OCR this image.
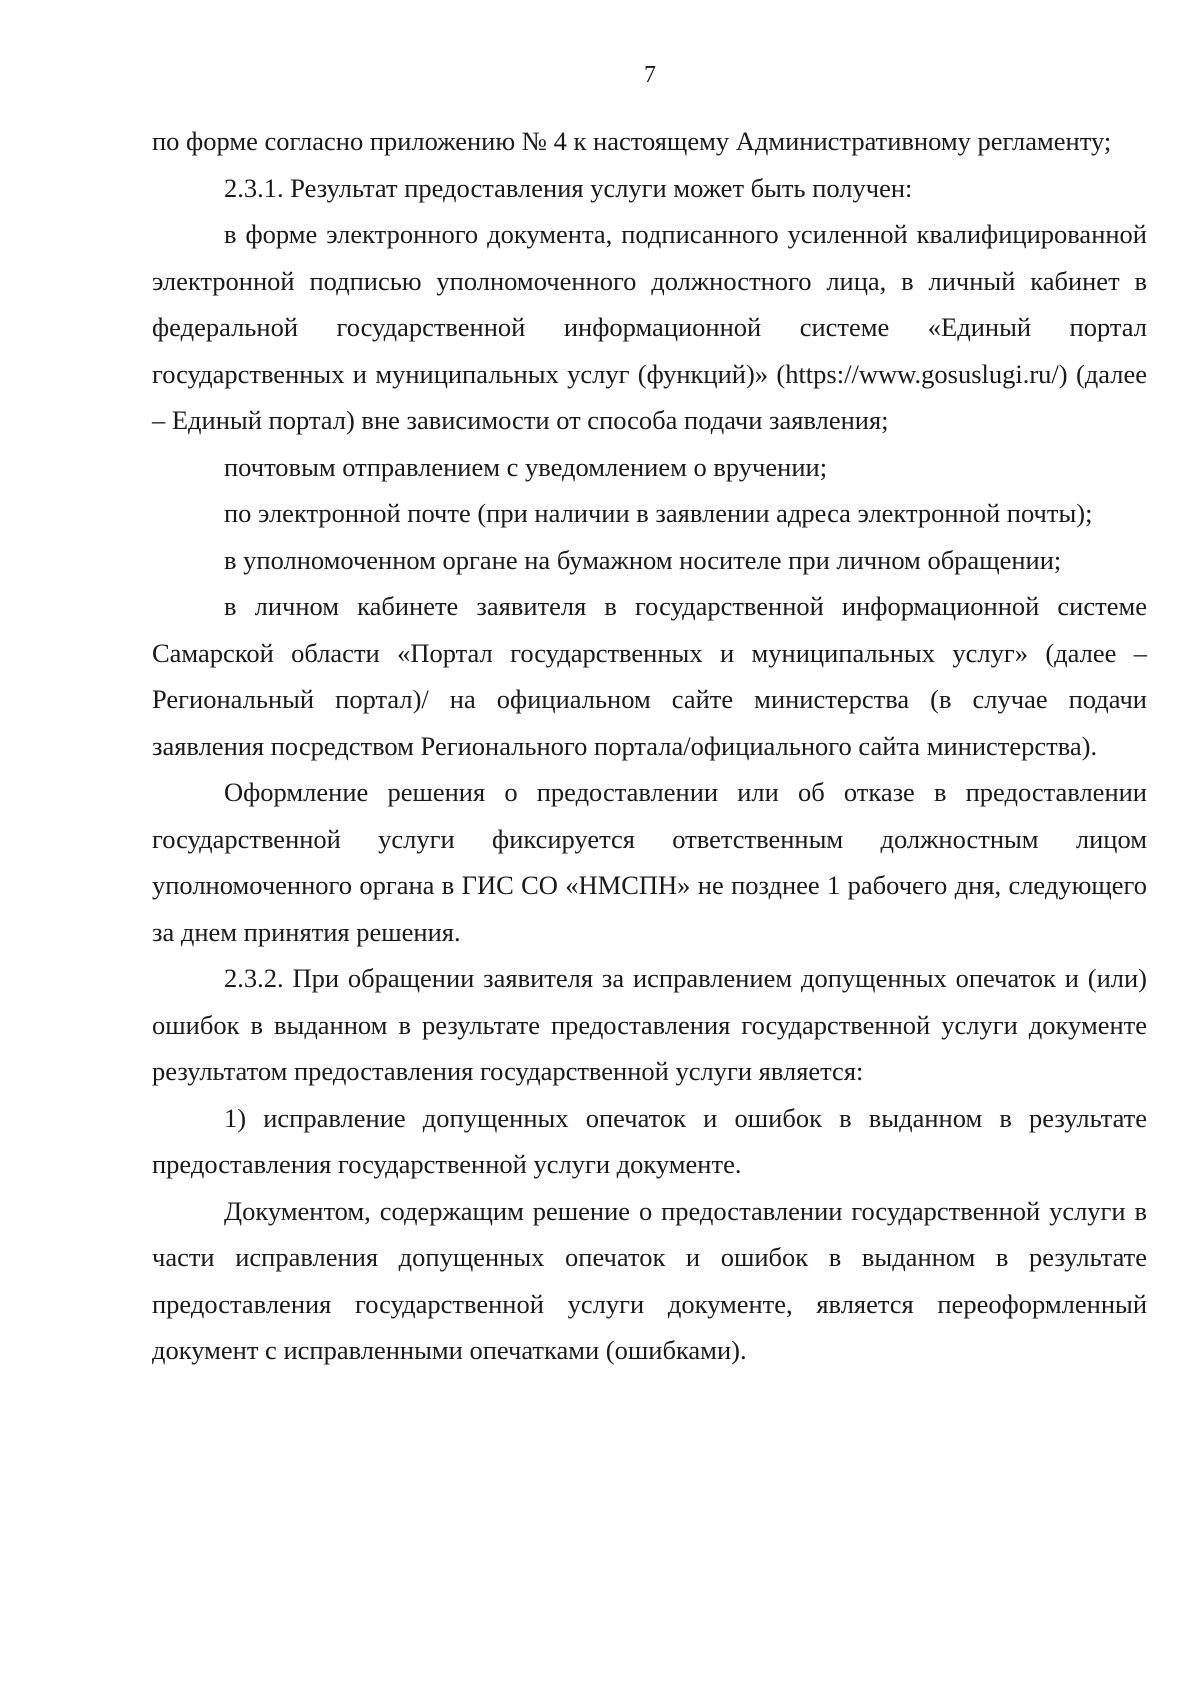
7

по форме согласно приложению № 4 к настоящему Административному регламенту;

2.3.1. Результат предоставления услуги может быть получен:

в форме электронного документа, подписанного усиленной квалифицированной электронной подписью уполномоченного должностного лица, в личный кабинет в федеральной государственной информационной системе «Единый портал государственных и муниципальных услуг (функций)» (https://www.gosuslugi.ru/) (далее – Единый портал) вне зависимости от способа подачи заявления;

почтовым отправлением с уведомлением о вручении;

по электронной почте (при наличии в заявлении адреса электронной почты);

в уполномоченном органе на бумажном носителе при личном обращении;

в личном кабинете заявителя в государственной информационной системе Самарской области «Портал государственных и муниципальных услуг» (далее – Региональный портал)/ на официальном сайте министерства (в случае подачи заявления посредством Регионального портала/официального сайта министерства).

Оформление решения о предоставлении или об отказе в предоставлении государственной услуги фиксируется ответственным должностным лицом уполномоченного органа в ГИС СО «НМСПН» не позднее 1 рабочего дня, следующего за днем принятия решения.

2.3.2. При обращении заявителя за исправлением допущенных опечаток и (или) ошибок в выданном в результате предоставления государственной услуги документе результатом предоставления государственной услуги является:

1) исправление допущенных опечаток и ошибок в выданном в результате предоставления государственной услуги документе.

Документом, содержащим решение о предоставлении государственной услуги в части исправления допущенных опечаток и ошибок в выданном в результате предоставления государственной услуги документе, является переоформленный документ с исправленными опечатками (ошибками).
